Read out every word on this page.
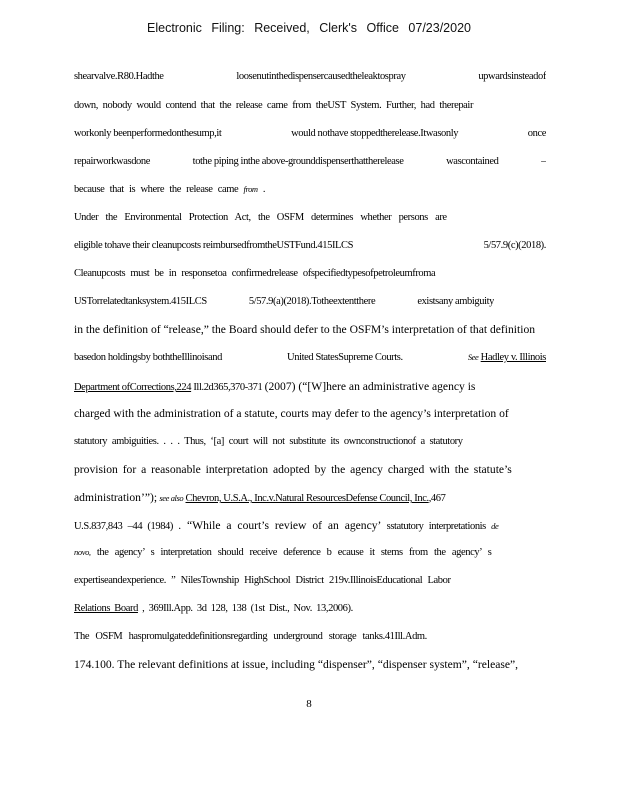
Electronic Filing: Received, Clerk's Office 07/23/2020
shearvalve.R80.Hadthe	loosenutinthedispensercausedtheleaktospray	upwardsinsteadof
down, nobody would contend that the release came from theUST System. Further, had therepair
workonly beenperformedonthesump,it	would nothave stoppedtherelease.Itwasonly	once
repairworkwasdone	tothe piping inthe above-grounddispenserthattherelease	wascontained	–
because that is where the release came from .
Under the Environmental Protection Act, the OSFM determines whether persons are
eligible tohave their cleanupcosts reimbursedfromtheUSTFund.415ILCS	5/57.9(c)(2018).
Cleanupcosts must be in responsetoa confirmedrelease ofspecifiedtypesofpetroleumfroma
USTorrelatedtanksystem.415ILCS	5/57.9(a)(2018).Totheextentthere	existsany ambiguity
in the definition of “release,” the Board should defer to the OSFM’s interpretation of that definition
basedon holdingsby boththeIllinoisand	United StatesSupreme Courts.	See Hadley v. Illinois
Department ofCorrections,224 Ill.2d365,370-371 (2007) (“[W]here an administrative agency is
charged with the administration of a statute, courts may defer to the agency’s interpretation of
statutory ambiguities. . . . Thus, ‘[a] court will not substitute its ownconstructionof a statutory
provision for a reasonable interpretation adopted by the agency charged with the statute’s
administration’”); see also Chevron, U.S.A., Inc.v.Natural ResourcesDefense Council, Inc.,467
U.S.837,843 –44 (1984) . “While a court’s review of an agency’ sstatutory interpretationis de
novo, the agency’ s interpretation should receive deference b ecause it stems from the agency’ s
expertiseandexperience. ” NilesTownship HighSchool District 219v.IllinoisEducational Labor
Relations Board , 369Ill.App. 3d 128, 138 (1st Dist., Nov. 13,2006).
The OSFM haspromulgateddefinitionsregarding underground storage tanks.41Ill.Adm.
174.100. The relevant definitions at issue, including “dispenser”, “dispenser system”, “release”,
8
